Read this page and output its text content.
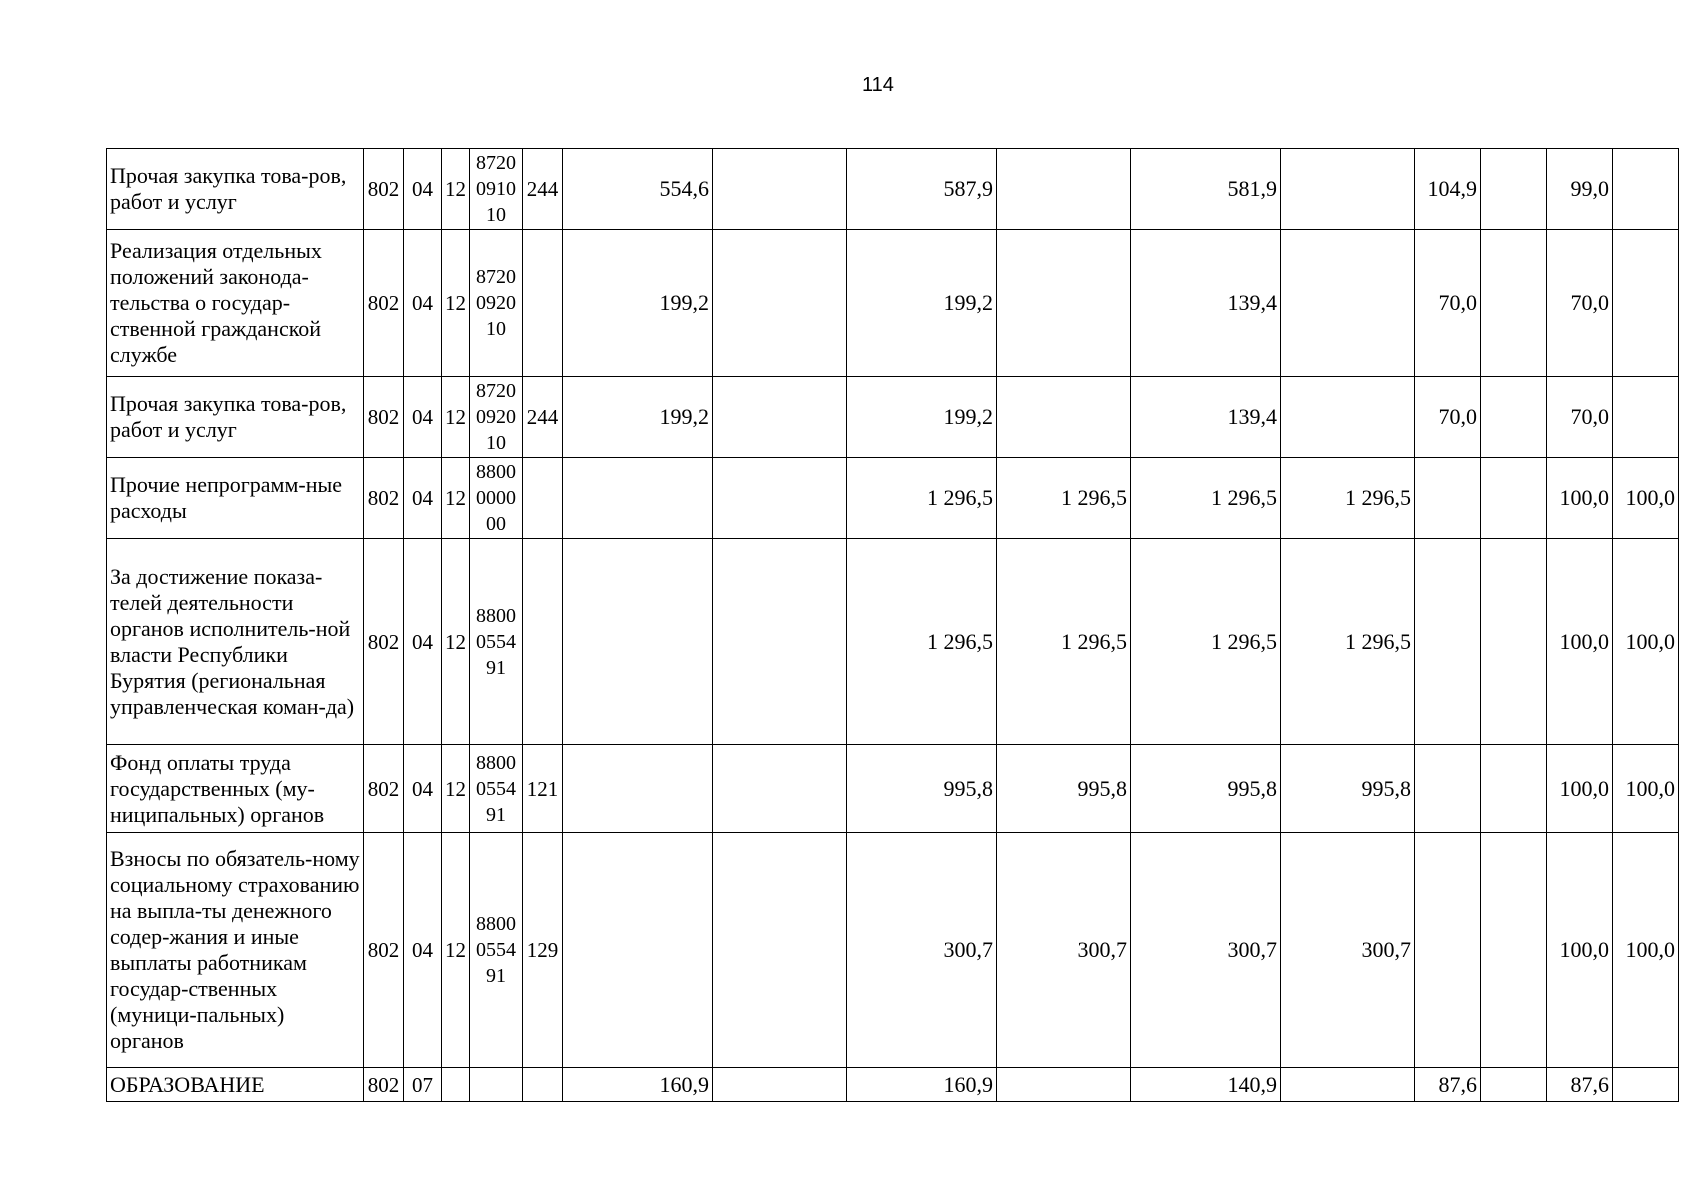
114
Прочая закупка това-ров, работ и услуг	802	04	12	8720 0910 10	244	554,6		587,9		581,9		104,9		99,0	
Реализация отдельных положений законода-тельства о государ-ственной гражданской службе	802	04	12	8720 0920 10		199,2		199,2		139,4		70,0		70,0	
Прочая закупка това-ров, работ и услуг	802	04	12	8720 0920 10	244	199,2		199,2		139,4		70,0		70,0	
Прочие непрограмм-ные расходы	802	04	12	8800 0000 00				1 296,5	1 296,5	1 296,5	1 296,5			100,0	100,0
За достижение показа-телей деятельности органов исполнитель-ной власти Республики Бурятия (региональная управленческая коман-да)	802	04	12	8800 0554 91				1 296,5	1 296,5	1 296,5	1 296,5			100,0	100,0
Фонд оплаты труда государственных (му-ниципальных) органов	802	04	12	8800 0554 91	121			995,8	995,8	995,8	995,8			100,0	100,0
Взносы по обязатель-ному социальному страхованию на выпла-ты денежного содер-жания и иные выплаты работникам государ-ственных (муници-пальных) органов	802	04	12	8800 0554 91	129			300,7	300,7	300,7	300,7			100,0	100,0
ОБРАЗОВАНИЕ	802	07				160,9		160,9		140,9		87,6		87,6	
